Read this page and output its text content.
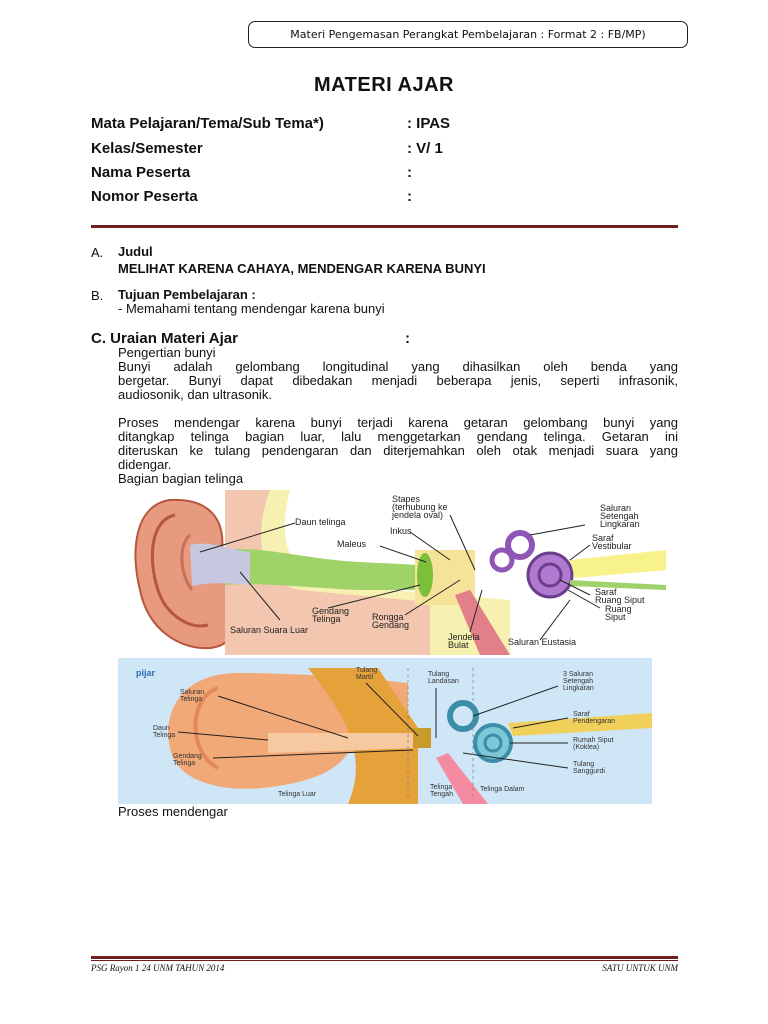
Materi Pengemasan Perangkat Pembelajaran : Format 2 : FB/MP)
MATERI AJAR
Mata Pelajaran/Tema/Sub Tema*)	: IPAS
Kelas/Semester	: V/ 1
Nama Peserta	:
Nomor Peserta	:
A. Judul
MELIHAT KARENA CAHAYA, MENDENGAR KARENA BUNYI
B. Tujuan Pembelajaran :
- Memahami tentang mendengar karena bunyi
C. Uraian Materi Ajar	:
Pengertian bunyi
Bunyi adalah gelombang longitudinal yang dihasilkan oleh benda yang
bergetar. Bunyi dapat dibedakan menjadi beberapa jenis, seperti infrasonik,
audiosonik, dan ultrasonik.
Proses mendengar karena bunyi terjadi karena getaran gelombang bunyi yang
ditangkap telinga bagian luar, lalu menggetarkan gendang telinga. Getaran ini
diteruskan ke tulang pendengaran dan diterjemahkan oleh otak menjadi suara yang
didengar.
Bagian bagian telinga
Stapes
(terhubung ke
jendela oval)
Daun telinga
Inkus
Maleus
Saluran
Setengah
Lingkaran
Saraf
Vestibular
Saraf
Ruang Siput
Ruang
Siput
Gendang
Telinga
Saluran Suara Luar
Rongga
Gendang
Jendela
Bulat	Saluran Eustasia
pijar	Tulang
Martil	Tulang
Landasan
3 Saluran
Setengah
Lingkaran
Saluran
Telinga
Daun
Telinga
Saraf
Pendengaran
Rumah Siput
(Koklea)
Gendang
Telinga	Tulang
Sanggurdi
Telinga Luar
Telinga
Tengah
Telinga Dalam
Proses mendengar
PSG Rayon 1 24 UNM TAHUN 2014	SATU UNTUK UNM
